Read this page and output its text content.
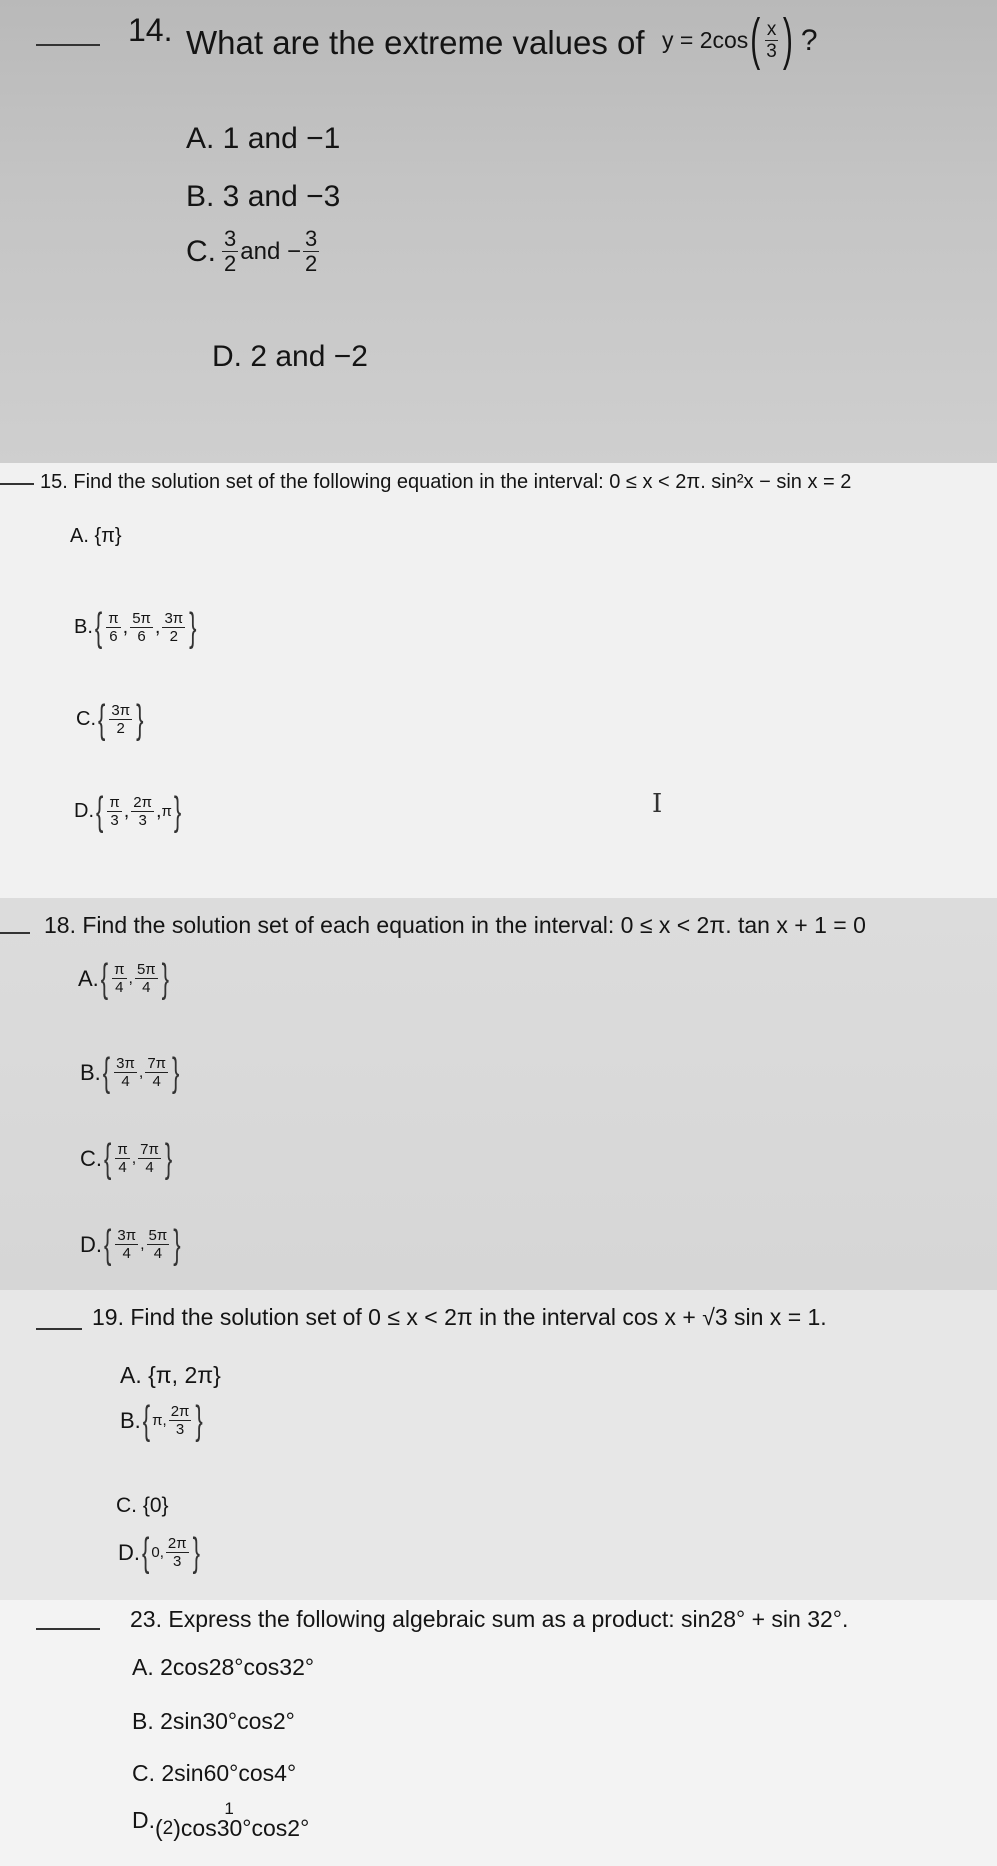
14. What are the extreme values of y = 2cos ( $\frac{x}{3}$ ) ?
A. 1 and −1
B. 3 and −3
C. $\frac{3}{2}$ and − $\frac{3}{2}$
D. 2 and −2
15. Find the solution set of the following equation in the interval: 0 ≤ x < 2π. sin²x − sin x = 2
A. {π}
B. { $\frac{\pi}{6}$ , $\frac{5\pi}{6}$ , $\frac{3\pi}{2}$ }
C. { $\frac{3\pi}{2}$ }
D. { $\frac{\pi}{3}$ , $\frac{2\pi}{3}$ , π }	I
18. Find the solution set of each equation in the interval: 0 ≤ x < 2π. tan x + 1 = 0
A. { $\frac{\pi}{4}$ , $\frac{5\pi}{4}$ }
B. { $\frac{3\pi}{4}$ , $\frac{7\pi}{4}$ }
C. { $\frac{\pi}{4}$ , $\frac{7\pi}{4}$ }
D. { $\frac{3\pi}{4}$ , $\frac{5\pi}{4}$ }
19. Find the solution set of 0 ≤ x < 2π in the interval cos x + √3 sin x = 1.
A. {π, 2π}
B. { π, $\frac{2\pi}{3}$ }
C. {0}
D. { 0, $\frac{2\pi}{3}$ }
23. Express the following algebraic sum as a product: sin28° + sin 32°.
A. 2cos28°cos32°
B. 2sin30°cos2°
C. 2sin60°cos4°
D.	1
( 2 ) cos30°cos2°
